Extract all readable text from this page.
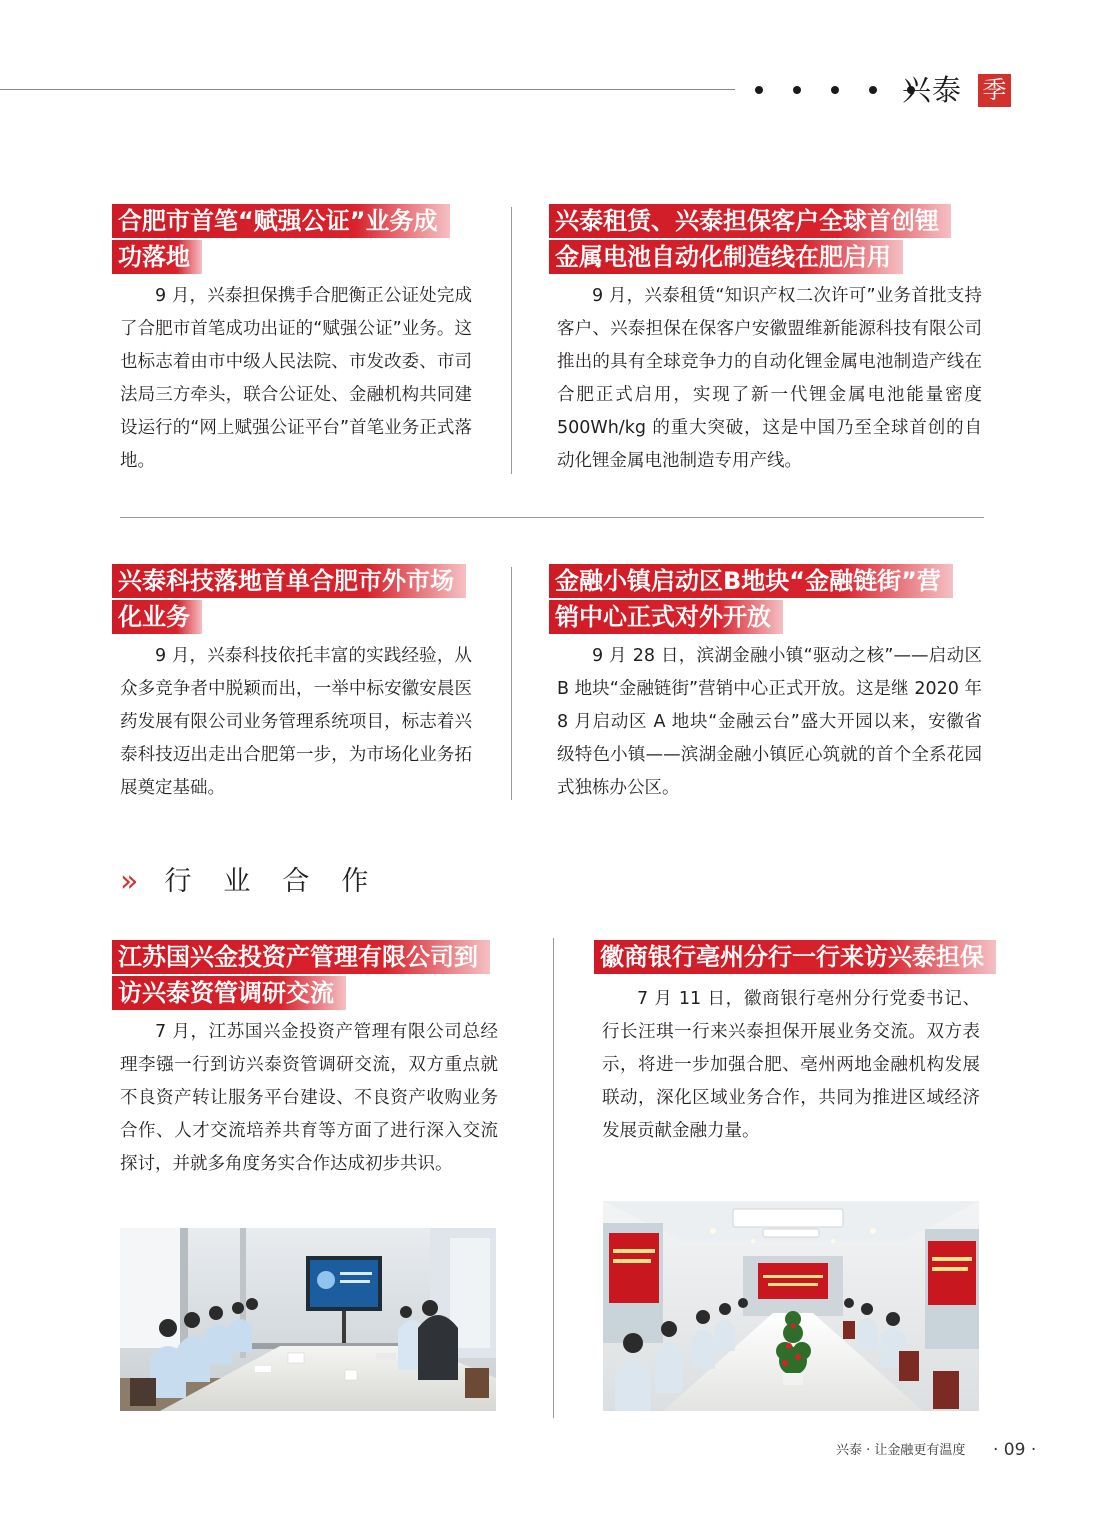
兴泰 季
合肥市首笔“赋强公证”业务成
功落地

9 月，兴泰担保携手合肥衡正公证处完成了合肥市首笔成功出证的“赋强公证”业务。这也标志着由市中级人民法院、市发改委、市司法局三方牵头，联合公证处、金融机构共同建设运行的“网上赋强公证平台”首笔业务正式落地。

兴泰租赁、兴泰担保客户全球首创锂
金属电池自动化制造线在肥启用

9 月，兴泰租赁“知识产权二次许可”业务首批支持客户、兴泰担保在保客户安徽盟维新能源科技有限公司推出的具有全球竞争力的自动化锂金属电池制造产线在合肥正式启用，实现了新一代锂金属电池能量密度 500Wh/kg 的重大突破，这是中国乃至全球首创的自动化锂金属电池制造专用产线。

兴泰科技落地首单合肥市外市场
化业务

9 月，兴泰科技依托丰富的实践经验，从众多竞争者中脱颖而出，一举中标安徽安晨医药发展有限公司业务管理系统项目，标志着兴泰科技迈出走出合肥第一步，为市场化业务拓展奠定基础。

金融小镇启动区B地块“金融链街”营
销中心正式对外开放

9 月 28 日，滨湖金融小镇“驱动之核”——启动区 B 地块“金融链街”营销中心正式开放。这是继 2020 年 8 月启动区 A 地块“金融云台”盛大开园以来，安徽省级特色小镇——滨湖金融小镇匠心筑就的首个全系花园式独栋办公区。

» 行业合作
江苏国兴金投资产管理有限公司到
访兴泰资管调研交流

7 月，江苏国兴金投资产管理有限公司总经理李镪一行到访兴泰资管调研交流，双方重点就不良资产转让服务平台建设、不良资产收购业务合作、人才交流培养共育等方面了进行深入交流探讨，并就多角度务实合作达成初步共识。

徽商银行亳州分行一行来访兴泰担保

7 月 11 日，徽商银行亳州分行党委书记、行长汪琪一行来兴泰担保开展业务交流。双方表示，将进一步加强合肥、亳州两地金融机构发展联动，深化区域业务合作，共同为推进区域经济发展贡献金融力量。

兴泰 · 让金融更有温度 · 09 ·
